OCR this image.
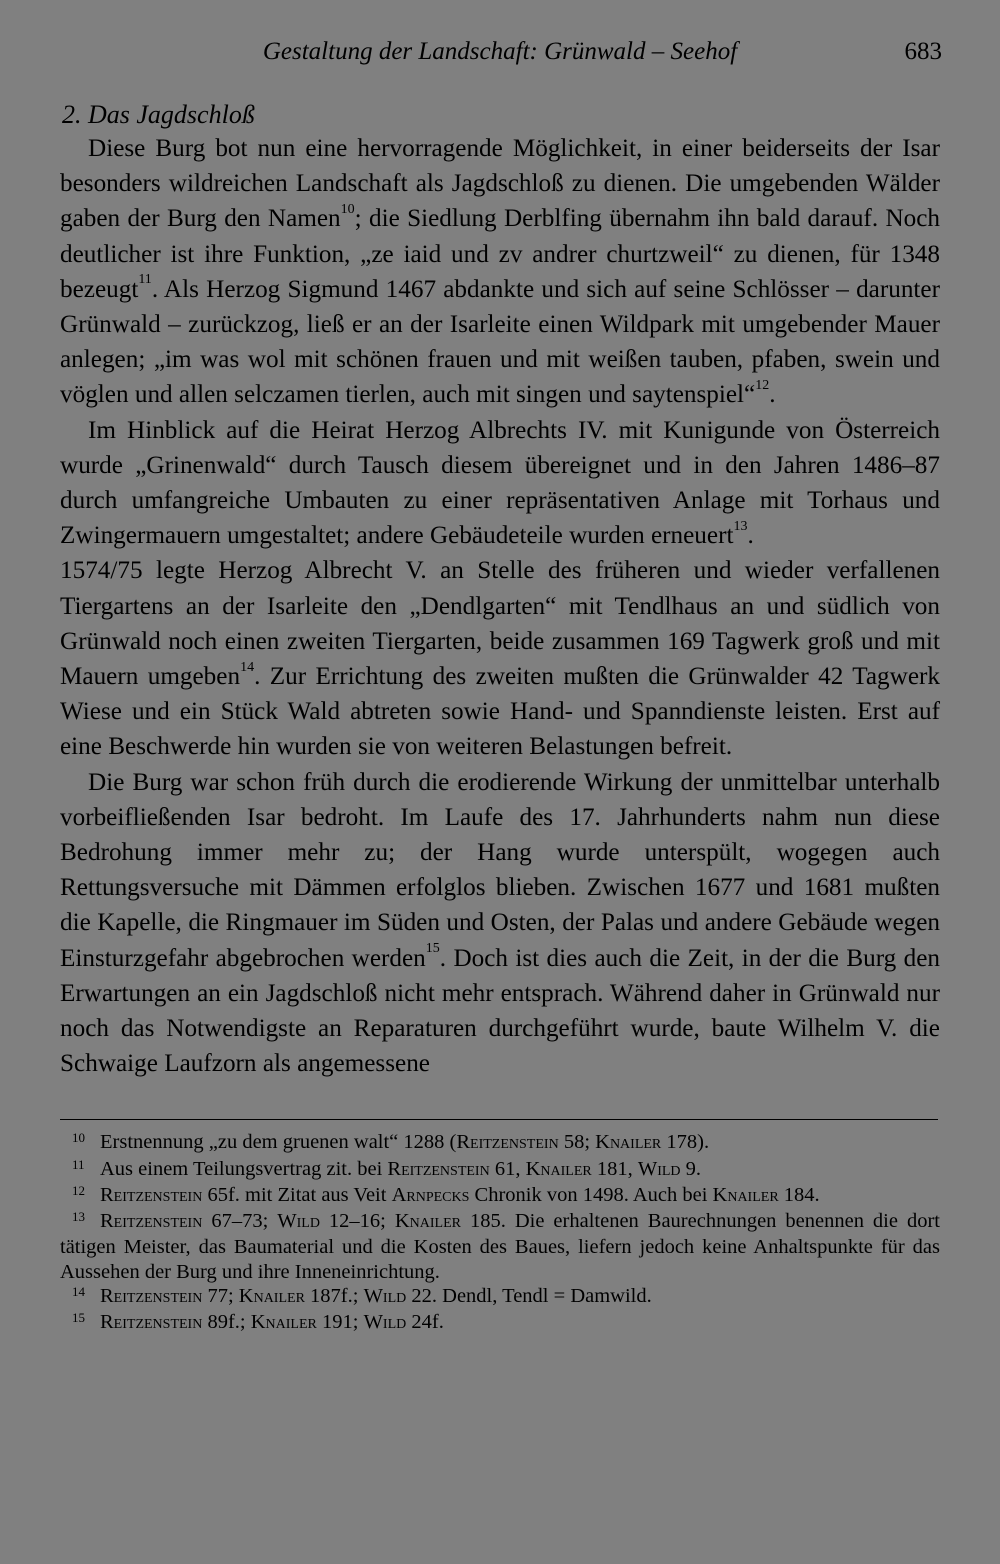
Gestaltung der Landschaft: Grünwald – Seehof	683
2. Das Jagdschloß

Diese Burg bot nun eine hervorragende Möglichkeit, in einer beiderseits der Isar besonders wildreichen Landschaft als Jagdschloß zu dienen. Die umgebenden Wälder gaben der Burg den Namen$^{10}$; die Siedlung Derblfing übernahm ihn bald darauf. Noch deutlicher ist ihre Funktion, „ze iaid und zv andrer churtzweil“ zu dienen, für 1348 bezeugt$^{11}$. Als Herzog Sigmund 1467 abdankte und sich auf seine Schlösser – darunter Grünwald – zurückzog, ließ er an der Isarleite einen Wildpark mit umgebender Mauer anlegen; „im was wol mit schönen frauen und mit weißen tauben, pfaben, swein und vöglen und allen selczamen tierlen, auch mit singen und saytenspiel“$^{12}$.

Im Hinblick auf die Heirat Herzog Albrechts IV. mit Kunigunde von Österreich wurde „Grinenwald“ durch Tausch diesem übereignet und in den Jahren 1486–87 durch umfangreiche Umbauten zu einer repräsentativen Anlage mit Torhaus und Zwingermauern umgestaltet; andere Gebäudeteile wurden erneuert$^{13}$.

1574/75 legte Herzog Albrecht V. an Stelle des früheren und wieder verfallenen Tiergartens an der Isarleite den „Dendlgarten“ mit Tendlhaus an und südlich von Grünwald noch einen zweiten Tiergarten, beide zusammen 169 Tagwerk groß und mit Mauern umgeben$^{14}$. Zur Errichtung des zweiten mußten die Grünwalder 42 Tagwerk Wiese und ein Stück Wald abtreten sowie Hand- und Spanndienste leisten. Erst auf eine Beschwerde hin wurden sie von weiteren Belastungen befreit.

Die Burg war schon früh durch die erodierende Wirkung der unmittelbar unterhalb vorbeifließenden Isar bedroht. Im Laufe des 17. Jahrhunderts nahm nun diese Bedrohung immer mehr zu; der Hang wurde unterspült, wogegen auch Rettungsversuche mit Dämmen erfolglos blieben. Zwischen 1677 und 1681 mußten die Kapelle, die Ringmauer im Süden und Osten, der Palas und andere Gebäude wegen Einsturzgefahr abgebrochen werden$^{15}$. Doch ist dies auch die Zeit, in der die Burg den Erwartungen an ein Jagdschloß nicht mehr entsprach. Während daher in Grünwald nur noch das Notwendigste an Reparaturen durchgeführt wurde, baute Wilhelm V. die Schwaige Laufzorn als angemessene

10 Erstnennung „zu dem gruenen walt“ 1288 (Reitzenstein 58; Knailer 178).

11 Aus einem Teilungsvertrag zit. bei Reitzenstein 61, Knailer 181, Wild 9.

12 Reitzenstein 65f. mit Zitat aus Veit Arnpecks Chronik von 1498. Auch bei Knailer 184.

13 Reitzenstein 67–73; Wild 12–16; Knailer 185. Die erhaltenen Baurechnungen benennen die dort tätigen Meister, das Baumaterial und die Kosten des Baues, liefern jedoch keine Anhaltspunkte für das Aussehen der Burg und ihre Inneneinrichtung.

14 Reitzenstein 77; Knailer 187f.; Wild 22. Dendl, Tendl = Damwild.

15 Reitzenstein 89f.; Knailer 191; Wild 24f.
